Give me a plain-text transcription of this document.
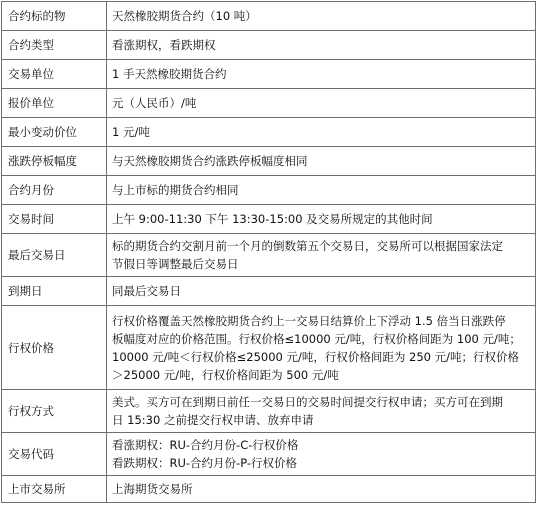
合约标的物	天然橡胶期货合约（10 吨）
合约类型	看涨期权，看跌期权
交易单位	1 手天然橡胶期货合约
报价单位	元（人民币）/吨
最小变动价位	1 元/吨
涨跌停板幅度	与天然橡胶期货合约涨跌停板幅度相同
合约月份	与上市标的期货合约相同
交易时间	上午 9:00-11:30 下午 13:30-15:00 及交易所规定的其他时间
最后交易日	标的期货合约交割月前一个月的倒数第五个交易日，交易所可以根据国家法定
节假日等调整最后交易日

到期日	同最后交易日
行权价格	行权价格覆盖天然橡胶期货合约上一交易日结算价上下浮动 1.5 倍当日涨跌停
板幅度对应的价格范围。行权价格≤10000 元/吨，行权价格间距为 100 元/吨；
10000 元/吨＜行权价格≤25000 元/吨，行权价格间距为 250 元/吨；行权价格
＞25000 元/吨，行权价格间距为 500 元/吨

行权方式	美式。买方可在到期日前任一交易日的交易时间提交行权申请；买方可在到期
日 15:30 之前提交行权申请、放弃申请

交易代码	看涨期权：RU-合约月份-C-行权价格
看跌期权：RU-合约月份-P-行权价格

上市交易所	上海期货交易所
